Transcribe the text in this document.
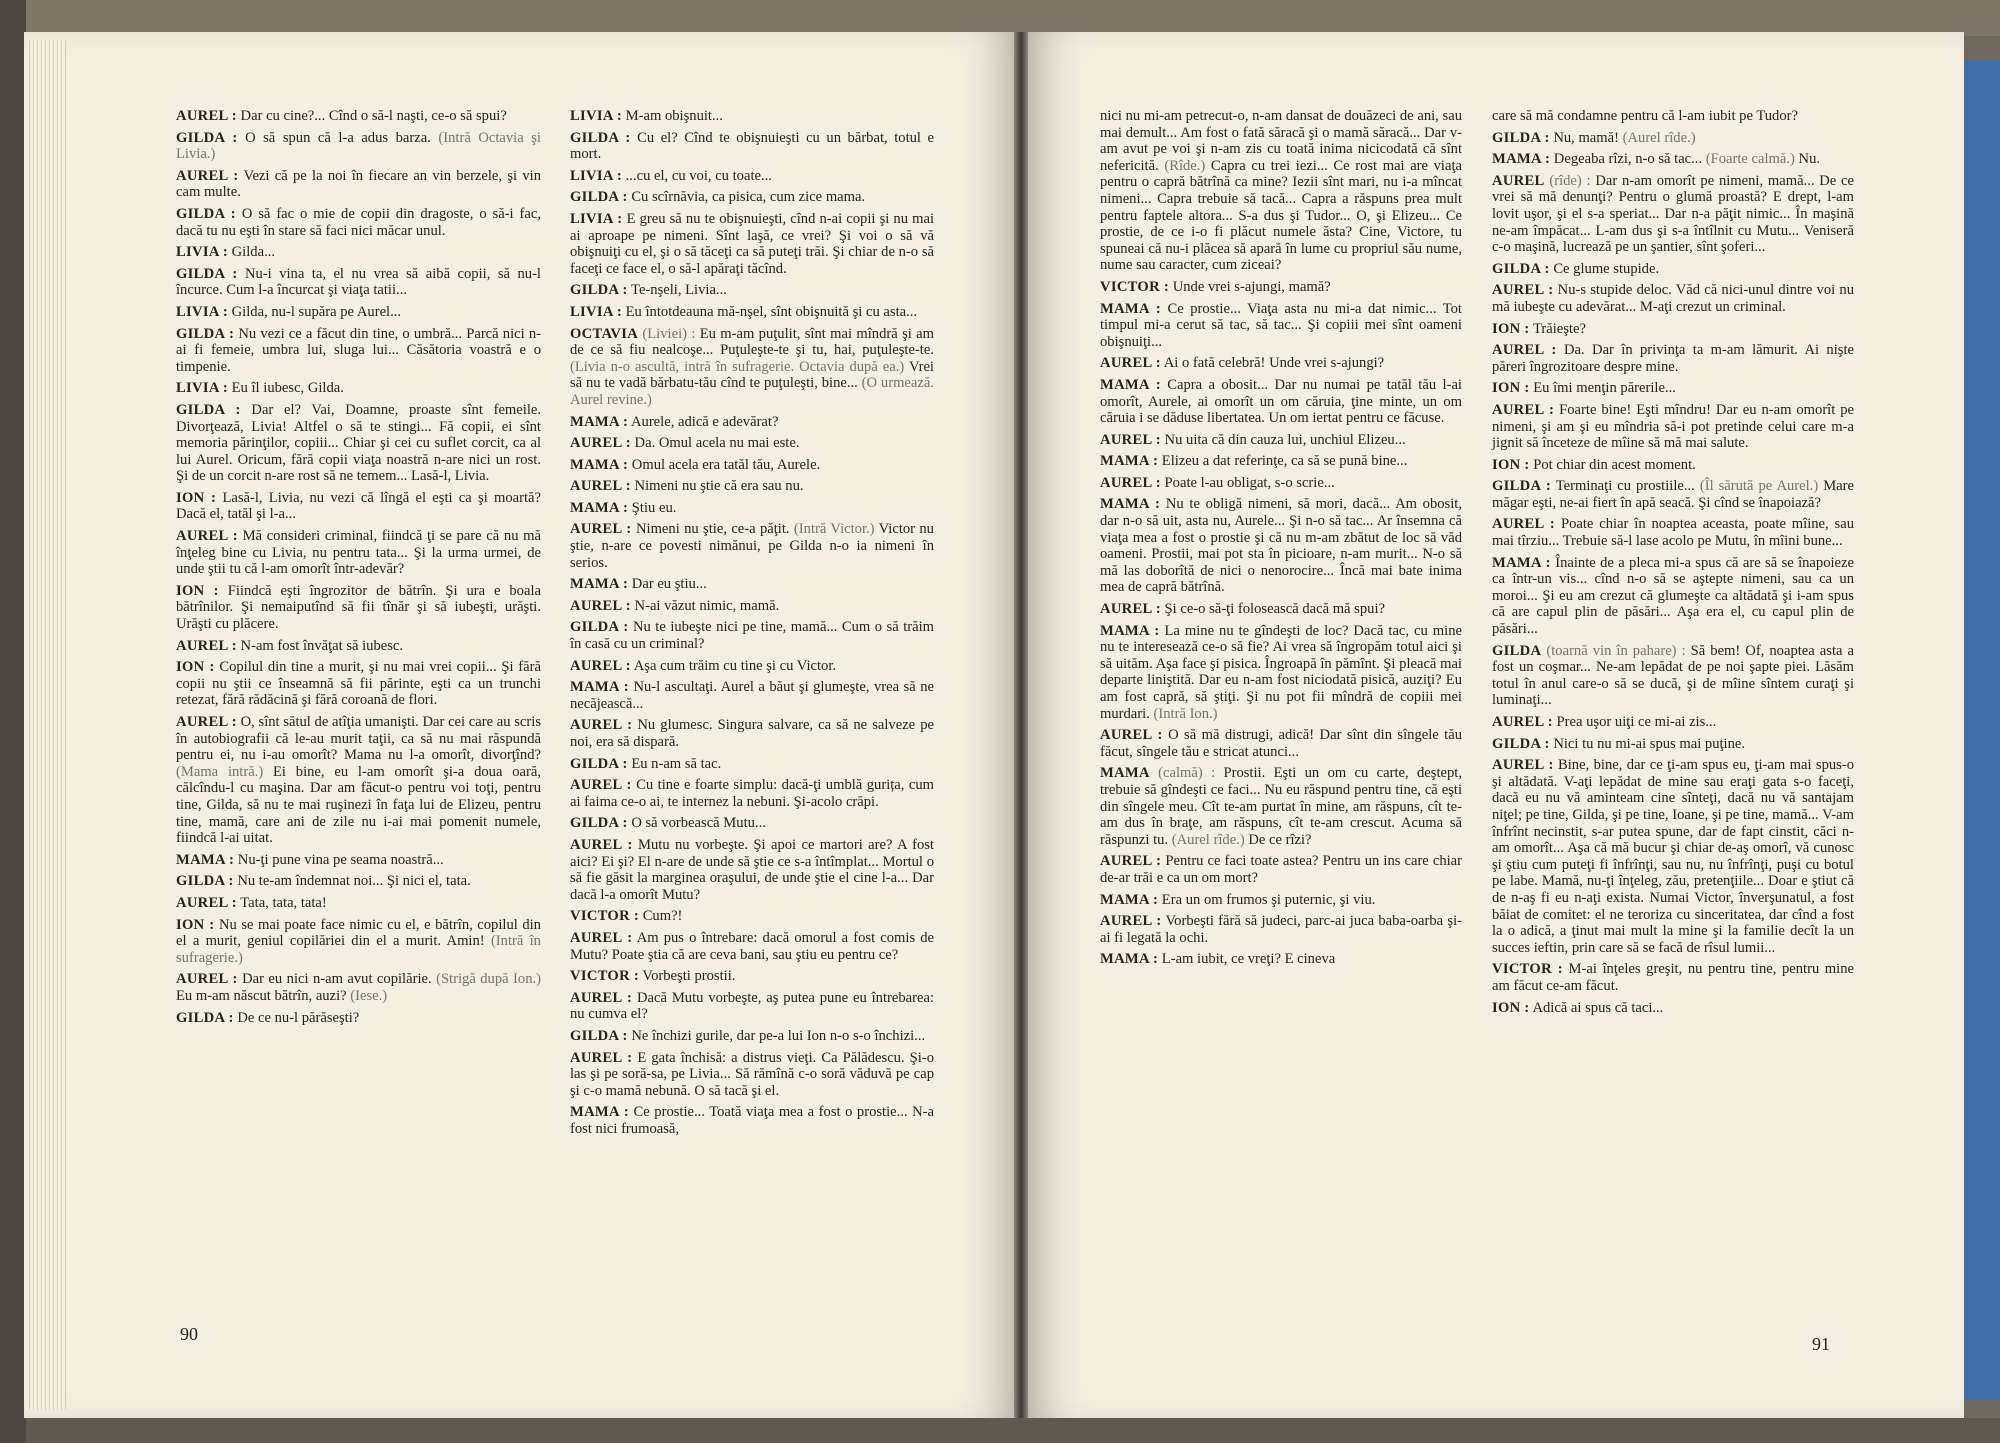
AUREL : Dar cu cine?... Cînd o să-l naşti, ce-o să spui?

GILDA : O să spun că l-a adus barza. (Intră Octavia şi Livia.)

AUREL : Vezi că pe la noi în fiecare an vin berzele, şi vin cam multe.

GILDA : O să fac o mie de copii din dragoste, o să-i fac, dacă tu nu eşti în stare să faci nici măcar unul.

LIVIA : Gilda...

GILDA : Nu-i vina ta, el nu vrea să aibă copii, să nu-l încurce. Cum l-a încurcat şi viaţa tatii...

LIVIA : Gilda, nu-l supăra pe Aurel...

GILDA : Nu vezi ce a făcut din tine, o umbră... Parcă nici n-ai fi femeie, umbra lui, sluga lui... Căsătoria voastră e o timpenie.

LIVIA : Eu îl iubesc, Gilda.

GILDA : Dar el? Vai, Doamne, proaste sînt femeile. Divorţează, Livia! Altfel o să te stingi... Fă copii, ei sînt memoria părinţilor, copiii... Chiar şi cei cu suflet corcit, ca al lui Aurel. Oricum, fără copii viaţa noastră n-are nici un rost. Şi de un corcit n-are rost să ne temem... Lasă-l, Livia.

ION : Lasă-l, Livia, nu vezi că lîngă el eşti ca şi moartă? Dacă el, tatăl şi l-a...

AUREL : Mă consideri criminal, fiindcă ţi se pare că nu mă înţeleg bine cu Livia, nu pentru tata... Şi la urma urmei, de unde ştii tu că l-am omorît într-adevăr?

ION : Fiindcă eşti îngrozitor de bătrîn. Şi ura e boala bătrînilor. Şi nemaiputînd să fii tînăr şi să iubeşti, urăşti. Urăşti cu plăcere.

AUREL : N-am fost învăţat să iubesc.

ION : Copilul din tine a murit, şi nu mai vrei copii... Şi fără copii nu ştii ce înseamnă să fii părinte, eşti ca un trunchi retezat, fără rădăcină şi fără coroană de flori.

AUREL : O, sînt sătul de atîţia umanişti. Dar cei care au scris în autobiografii că le-au murit taţii, ca să nu mai răspundă pentru ei, nu i-au omorît? Mama nu l-a omorît, divorţînd? (Mama intră.) Ei bine, eu l-am omorît şi-a doua oară, călcîndu-l cu maşina. Dar am făcut-o pentru voi toţi, pentru tine, Gilda, să nu te mai ruşinezi în faţa lui de Elizeu, pentru tine, mamă, care ani de zile nu i-ai mai pomenit numele, fiindcă l-ai uitat.

MAMA : Nu-ţi pune vina pe seama noastră...

GILDA : Nu te-am îndemnat noi... Şi nici el, tata.

AUREL : Tata, tata, tata!

ION : Nu se mai poate face nimic cu el, e bătrîn, copilul din el a murit, geniul copilăriei din el a murit. Amin! (Intră în sufragerie.)

AUREL : Dar eu nici n-am avut copilărie. (Strigă după Ion.) Eu m-am născut bătrîn, auzi? (Iese.)

GILDA : De ce nu-l părăseşti?

LIVIA : M-am obişnuit...

GILDA : Cu el? Cînd te obişnuieşti cu un bărbat, totul e mort.

LIVIA : ...cu el, cu voi, cu toate...

GILDA : Cu scîrnăvia, ca pisica, cum zice mama.

LIVIA : E greu să nu te obişnuieşti, cînd n-ai copii şi nu mai ai aproape pe nimeni. Sînt laşă, ce vrei? Şi voi o să vă obişnuiţi cu el, şi o să tăceţi ca să puteţi trăi. Şi chiar de n-o să faceţi ce face el, o să-l apăraţi tăcînd.

GILDA : Te-nşeli, Livia...

LIVIA : Eu întotdeauna mă-nşel, sînt obişnuită şi cu asta...

OCTAVIA (Liviei) : Eu m-am puţulit, sînt mai mîndră şi am de ce să fiu nealcoşe... Puţuleşte-te şi tu, hai, puţuleşte-te. (Livia n-o ascultă, intră în sufragerie. Octavia după ea.) Vrei să nu te vadă bărbatu-tău cînd te puţuleşti, bine... (O urmează. Aurel revine.)

MAMA : Aurele, adică e adevărat?

AUREL : Da. Omul acela nu mai este.

MAMA : Omul acela era tatăl tău, Aurele.

AUREL : Nimeni nu ştie că era sau nu.

MAMA : Ştiu eu.

AUREL : Nimeni nu ştie, ce-a păţit. (Intră Victor.) Victor nu ştie, n-are ce povesti nimănui, pe Gilda n-o ia nimeni în serios.

MAMA : Dar eu ştiu...

AUREL : N-ai văzut nimic, mamă.

GILDA : Nu te iubeşte nici pe tine, mamă... Cum o să trăim în casă cu un criminal?

AUREL : Aşa cum trăim cu tine şi cu Victor.

MAMA : Nu-l ascultaţi. Aurel a băut şi glumeşte, vrea să ne necăjească...

AUREL : Nu glumesc. Singura salvare, ca să ne salveze pe noi, era să dispară.

GILDA : Eu n-am să tac.

AUREL : Cu tine e foarte simplu: dacă-ţi umblă gurița, cum ai faima ce-o ai, te internez la nebuni. Şi-acolo crăpi.

GILDA : O să vorbească Mutu...

AUREL : Mutu nu vorbeşte. Şi apoi ce martori are? A fost aici? Ei şi? El n-are de unde să ştie ce s-a întîmplat... Mortul o să fie găsit la marginea oraşului, de unde ştie el cine l-a... Dar dacă l-a omorît Mutu?

VICTOR : Cum?!

AUREL : Am pus o întrebare: dacă omorul a fost comis de Mutu? Poate ştia că are ceva bani, sau ştiu eu pentru ce?

VICTOR : Vorbeşti prostii.

AUREL : Dacă Mutu vorbeşte, aş putea pune eu întrebarea: nu cumva el?

GILDA : Ne închizi gurile, dar pe-a lui Ion n-o s-o închizi...

AUREL : E gata închisă: a distrus vieţi. Ca Pălădescu. Şi-o las şi pe soră-sa, pe Livia... Să rămînă c-o soră văduvă pe cap şi c-o mamă nebună. O să tacă şi el.

MAMA : Ce prostie... Toată viaţa mea a fost o prostie... N-a fost nici frumoasă,

nici nu mi-am petrecut-o, n-am dansat de douăzeci de ani, sau mai demult... Am fost o fată săracă şi o mamă săracă... Dar v-am avut pe voi şi n-am zis cu toată inima nicicodată că sînt nefericită. (Rîde.) Capra cu trei iezi... Ce rost mai are viaţa pentru o capră bătrînă ca mine? Iezii sînt mari, nu i-a mîncat nimeni... Capra trebuie să tacă... Capra a răspuns prea mult pentru faptele altora... S-a dus şi Tudor... O, şi Elizeu... Ce prostie, de ce i-o fi plăcut numele ăsta? Cine, Victore, tu spuneai că nu-i plăcea să apară în lume cu propriul său nume, nume sau caracter, cum ziceai?

VICTOR : Unde vrei s-ajungi, mamă?

MAMA : Ce prostie... Viaţa asta nu mi-a dat nimic... Tot timpul mi-a cerut să tac, să tac... Şi copiii mei sînt oameni obişnuiţi...

AUREL : Ai o fată celebră! Unde vrei s-ajungi?

MAMA : Capra a obosit... Dar nu numai pe tatăl tău l-ai omorît, Aurele, ai omorît un om căruia, ţine minte, un om căruia i se dăduse libertatea. Un om iertat pentru ce făcuse.

AUREL : Nu uita că din cauza lui, unchiul Elizeu...

MAMA : Elizeu a dat referinţe, ca să se pună bine...

AUREL : Poate l-au obligat, s-o scrie...

MAMA : Nu te obligă nimeni, să mori, dacă... Am obosit, dar n-o să uit, asta nu, Aurele... Şi n-o să tac... Ar însemna că viaţa mea a fost o prostie şi că nu m-am zbătut de loc să văd oameni. Prostii, mai pot sta în picioare, n-am murit... N-o să mă las doborîtă de nici o nenorocire... Încă mai bate inima mea de capră bătrînă.

AUREL : Şi ce-o să-ţi folosească dacă mă spui?

MAMA : La mine nu te gîndeşti de loc? Dacă tac, cu mine nu te interesează ce-o să fie? Ai vrea să îngropăm totul aici şi să uităm. Aşa face şi pisica. Îngroapă în pămînt. Şi pleacă mai departe liniştită. Dar eu n-am fost niciodată pisică, auziţi? Eu am fost capră, să ştiţi. Şi nu pot fii mîndră de copiii mei murdari. (Intră Ion.)

AUREL : O să mă distrugi, adică! Dar sînt din sîngele tău făcut, sîngele tău e stricat atunci...

MAMA (calmă) : Prostii. Eşti un om cu carte, deştept, trebuie să gîndeşti ce faci... Nu eu răspund pentru tine, că eşti din sîngele meu. Cît te-am purtat în mine, am răspuns, cît te-am dus în braţe, am răspuns, cît te-am crescut. Acuma să răspunzi tu. (Aurel rîde.) De ce rîzi?

AUREL : Pentru ce faci toate astea? Pentru un ins care chiar de-ar trăi e ca un om mort?

MAMA : Era un om frumos şi puternic, şi viu.

AUREL : Vorbeşti fără să judeci, parc-ai juca baba-oarba şi-ai fi legată la ochi.

MAMA : L-am iubit, ce vreţi? E cineva

care să mă condamne pentru că l-am iubit pe Tudor?

GILDA : Nu, mamă! (Aurel rîde.)

MAMA : Degeaba rîzi, n-o să tac... (Foarte calmă.) Nu.

AUREL (rîde) : Dar n-am omorît pe nimeni, mamă... De ce vrei să mă denunţi? Pentru o glumă proastă? E drept, l-am lovit uşor, şi el s-a speriat... Dar n-a păţit nimic... În maşină ne-am împăcat... L-am dus şi s-a întîlnit cu Mutu... Veniseră c-o maşină, lucrează pe un şantier, sînt şoferi...

GILDA : Ce glume stupide.

AUREL : Nu-s stupide deloc. Văd că nici-unul dintre voi nu mă iubeşte cu adevărat... M-aţi crezut un criminal.

ION : Trăieşte?

AUREL : Da. Dar în privinţa ta m-am lămurit. Ai nişte păreri îngrozitoare despre mine.

ION : Eu îmi menţin părerile...

AUREL : Foarte bine! Eşti mîndru! Dar eu n-am omorît pe nimeni, şi am şi eu mîndria să-i pot pretinde celui care m-a jignit să înceteze de mîine să mă mai salute.

ION : Pot chiar din acest moment.

GILDA : Terminaţi cu prostiile... (Îl sărută pe Aurel.) Mare măgar eşti, ne-ai fiert în apă seacă. Şi cînd se înapoiază?

AUREL : Poate chiar în noaptea aceasta, poate mîine, sau mai tîrziu... Trebuie să-l lase acolo pe Mutu, în mîini bune...

MAMA : Înainte de a pleca mi-a spus că are să se înapoieze ca într-un vis... cînd n-o să se aştepte nimeni, sau ca un moroi... Şi eu am crezut că glumeşte ca altădată şi i-am spus că are capul plin de păsări... Aşa era el, cu capul plin de păsări...

GILDA (toarnă vin în pahare) : Să bem! Of, noaptea asta a fost un coşmar... Ne-am lepădat de pe noi şapte piei. Lăsăm totul în anul care-o să se ducă, şi de mîine sîntem curaţi şi luminaţi...

AUREL : Prea uşor uiţi ce mi-ai zis...

GILDA : Nici tu nu mi-ai spus mai puţine.

AUREL : Bine, bine, dar ce ţi-am spus eu, ţi-am mai spus-o şi altădată. V-aţi lepădat de mine sau eraţi gata s-o faceţi, dacă eu nu vă aminteam cine sînteţi, dacă nu vă santajam niţel; pe tine, Gilda, şi pe tine, Ioane, şi pe tine, mamă... V-am înfrînt necinstit, s-ar putea spune, dar de fapt cinstit, căci n-am omorît... Aşa că mă bucur şi chiar de-aş omorî, vă cunosc şi ştiu cum puteţi fi înfrînţi, sau nu, nu înfrînţi, puşi cu botul pe labe. Mamă, nu-ţi înţeleg, zău, pretenţiile... Doar e ştiut că de n-aş fi eu n-aţi exista. Numai Victor, înverşunatul, a fost băiat de comitet: el ne teroriza cu sinceritatea, dar cînd a fost la o adică, a ţinut mai mult la mine şi la familie decît la un succes ieftin, prin care să se facă de rîsul lumii...

VICTOR : M-ai înţeles greşit, nu pentru tine, pentru mine am făcut ce-am făcut.

ION : Adică ai spus că taci...

90	91
